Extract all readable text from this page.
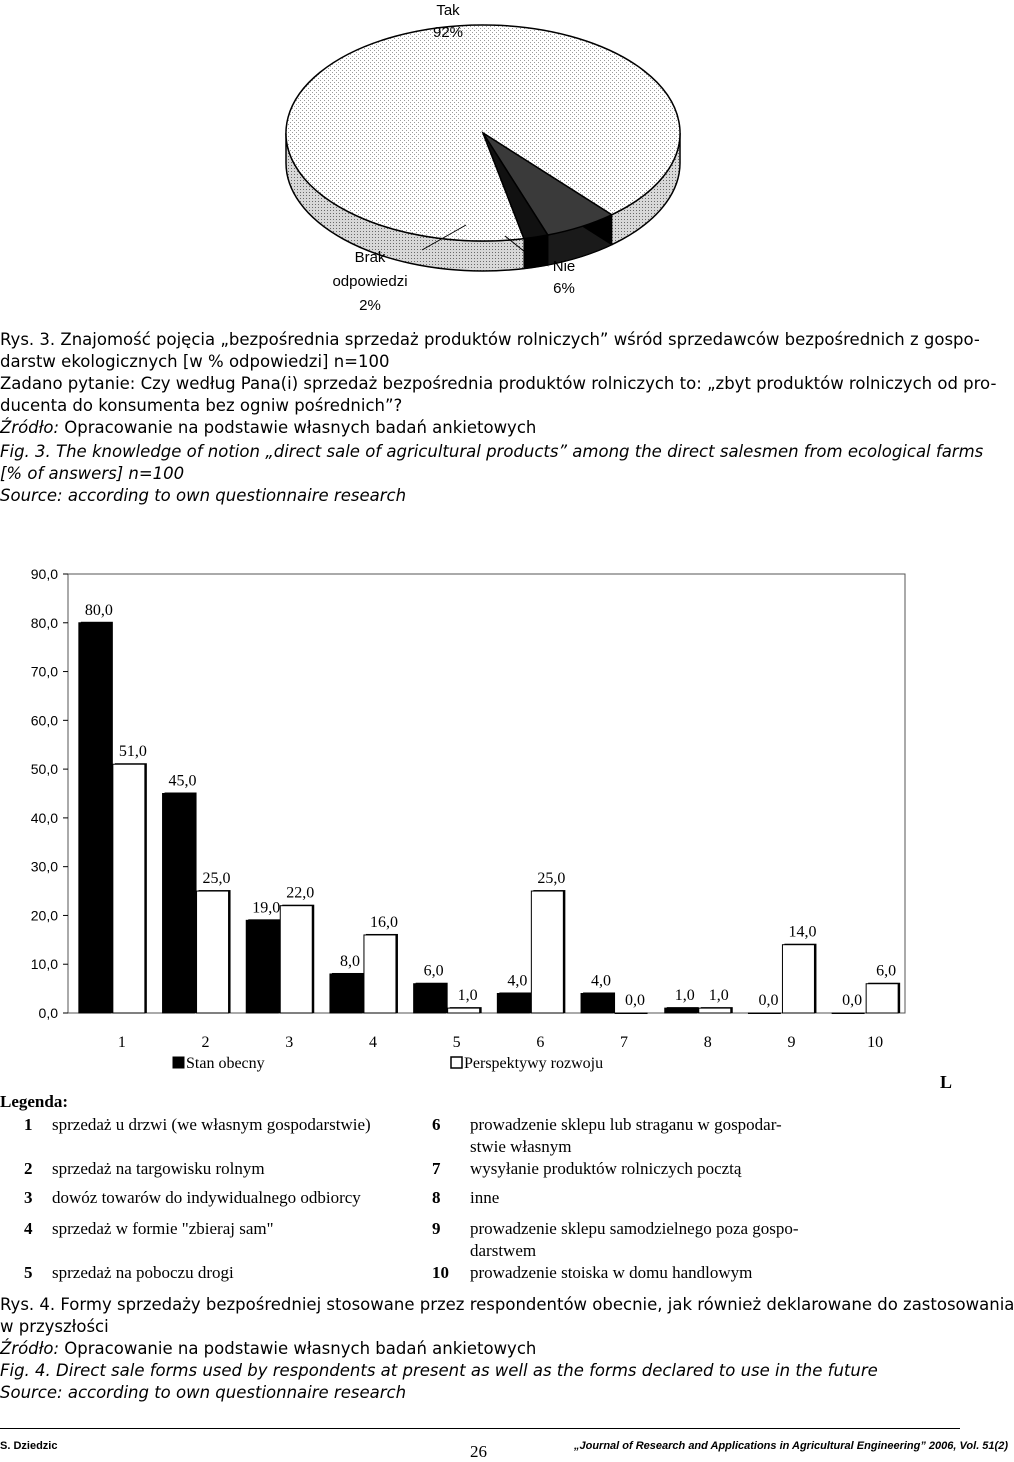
Tak
92%
Brak
odpowiedzi
2%
Nie
6%
Rys. 3. Znajomość pojęcia „bezpośrednia sprzedaż produktów rolniczych” wśród sprzedawców bezpośrednich z gospo-
darstw ekologicznych [w % odpowiedzi] n=100
Zadano pytanie: Czy według Pana(i) sprzedaż bezpośrednia produktów rolniczych to: „zbyt produktów rolniczych od pro-
ducenta do konsumenta bez ogniw pośrednich”?
Źródło: Opracowanie na podstawie własnych badań ankietowych
Fig. 3. The knowledge of notion „direct sale of agricultural products” among the direct salesmen from ecological farms
[% of answers] n=100
Source: according to own questionnaire research
0,0
10,0
20,0
30,0
40,0
50,0
60,0
70,0
80,0
90,0
80,0
51,0
1
45,0
25,0
2
19,0
22,0
3
8,0
16,0
4
6,0
1,0
5
4,0
25,0
6
4,0
0,0
7
1,0 1,0
8
0,0
14,0
9
0,0
6,0
10
Stan obecny	Perspektywy rozwoju
L
Legenda:
1 sprzedaż u drzwi (we własnym gospodarstwie)	6 prowadzenie sklepu lub straganu w gospodar-
stwie własnym
2 sprzedaż na targowisku rolnym	7 wysyłanie produktów rolniczych pocztą
3 dowóz towarów do indywidualnego odbiorcy	8 inne
4 sprzedaż w formie "zbieraj sam"	9 prowadzenie sklepu samodzielnego poza gospo-
darstwem
5 sprzedaż na poboczu drogi	10 prowadzenie stoiska w domu handlowym
Rys. 4. Formy sprzedaży bezpośredniej stosowane przez respondentów obecnie, jak również deklarowane do zastosowania
w przyszłości
Źródło: Opracowanie na podstawie własnych badań ankietowych
Fig. 4. Direct sale forms used by respondents at present as well as the forms declared to use in the future
Source: according to own questionnaire research
S. Dziedzic	26	„Journal of Research and Applications in Agricultural Engineering” 2006, Vol. 51(2)
